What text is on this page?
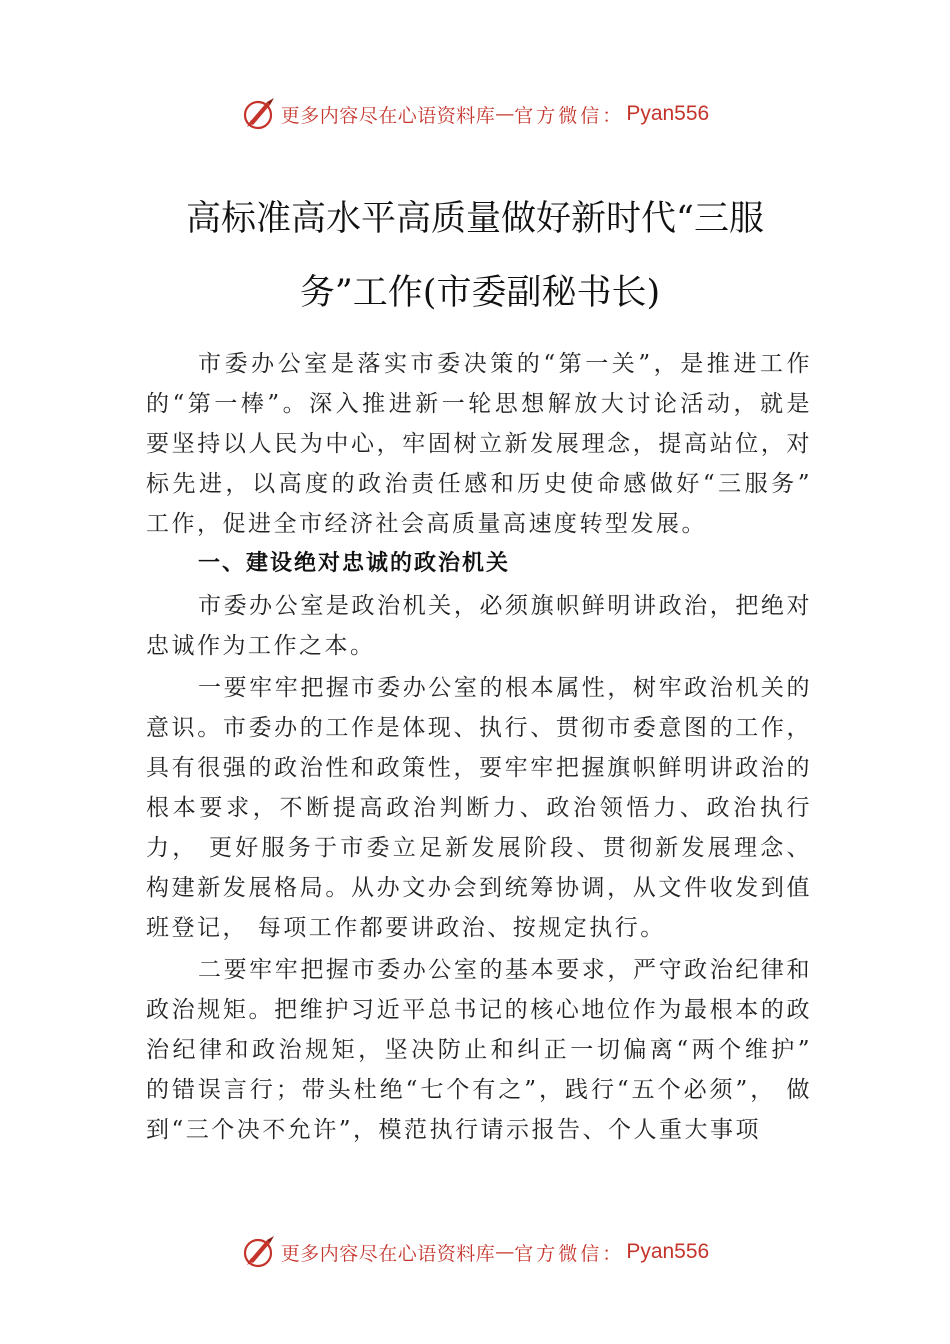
更多内容尽在心语资料库 — 官方微信： Pyan556
高标准高水平高质量做好新时代“三服
务”工作(市委副秘书长)

市委办公室是落实市委决策的“第一关”，是推进工作的“第一棒”。深入推进新一轮思想解放大讨论活动，就是要坚持以人民为中心，牢固树立新发展理念，提高站位，对标先进，以高度的政治责任感和历史使命感做好“三服务” 工作，促进全市经济社会高质量高速度转型发展。

一、建设绝对忠诚的政治机关

市委办公室是政治机关，必须旗帜鲜明讲政治，把绝对忠诚作为工作之本。

一要牢牢把握市委办公室的根本属性，树牢政治机关的意识。市委办的工作是体现、执行、贯彻市委意图的工作， 具有很强的政治性和政策性，要牢牢把握旗帜鲜明讲政治的根本要求，不断提高政治判断力、政治领悟力、政治执行力， 更好服务于市委立足新发展阶段、贯彻新发展理念、构建新发展格局。从办文办会到统筹协调，从文件收发到值班登记， 每项工作都要讲政治、按规定执行。

二要牢牢把握市委办公室的基本要求，严守政治纪律和政治规矩。把维护习近平总书记的核心地位作为最根本的政治纪律和政治规矩，坚决防止和纠正一切偏离“两个维护” 的错误言行；带头杜绝“七个有之”，践行“五个必须”， 做到“三个决不允许”，模范执行请示报告、个人重大事项

更多内容尽在心语资料库 — 官方微信： Pyan556
